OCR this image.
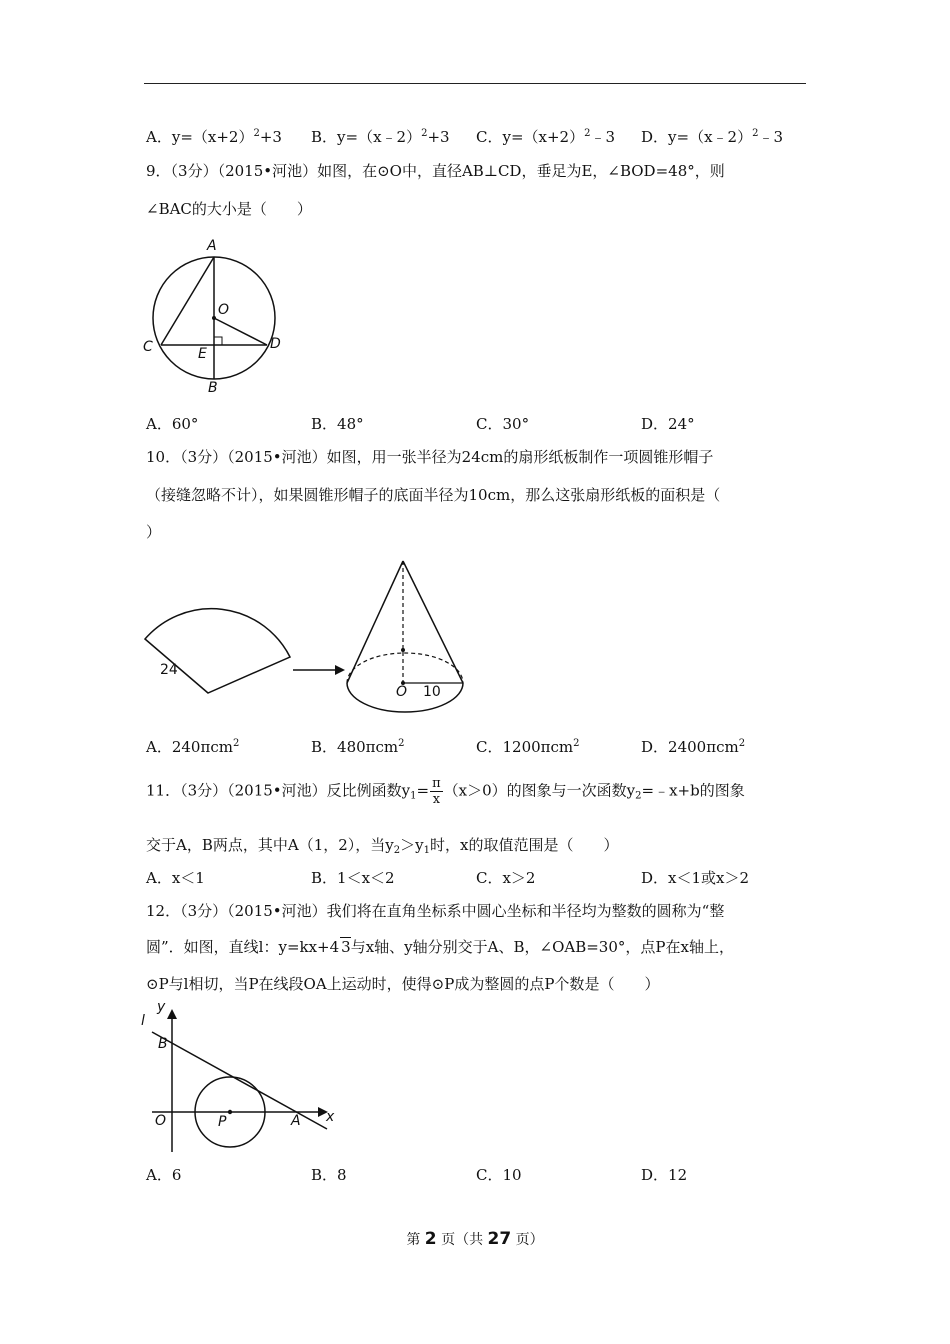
A．$y=(x+2)^2+3$ B．y=（x﹣2）$^2$+3 C．$y=(x+2)^2﹣3$ D．y=（x﹣2）$^2$﹣3
9．（3分）（2015•河池）如图，在⊙O中，直径AB⊥CD，垂足为E，∠BOD=48°，则
∠BAC的大小是（　　）
A
O
C	D
E
B
A．60°	B．48°	C．30°	D．24°
10．（3分）（2015•河池）如图，用一张半径为24cm的扇形纸板制作一项圆锥形帽子
（接缝忽略不计），如果圆锥形帽子的底面半径为10cm，那么这张扇形纸板的面积是（
）
24
O 10
A．240πcm$^2$	B．480πcm$^2$	C．1200πcm$^2$	D．2400πcm$^2$
11．（3分）（2015•河池）反比例函数$y_1= \frac{\pi}{x} (x>0)$的图象与一次函数$y_2=﹣x+b$的图象
交于A，B两点，其中A（1，2），当$y_2>y_1$时，x的取值范围是（　　）
A．x＜1	B．1＜x＜2	C．x＞2	D．x＜1或x＞2
12．（3分）（2015•河池）我们将在直角坐标系中圆心坐标和半径均为整数的圆称为“整
圆”．如图，直线l：y=kx+4 3与x轴、y轴分别交于A、B，∠OAB=30°，点P在x轴上，
⊙P与l相切，当P在线段OA上运动时，使得⊙P成为整圆的点P个数是（　　）
y
l
B
O	P	A x
A．6	B．8	C．10	D．12
第 2 页（共 27 页）
